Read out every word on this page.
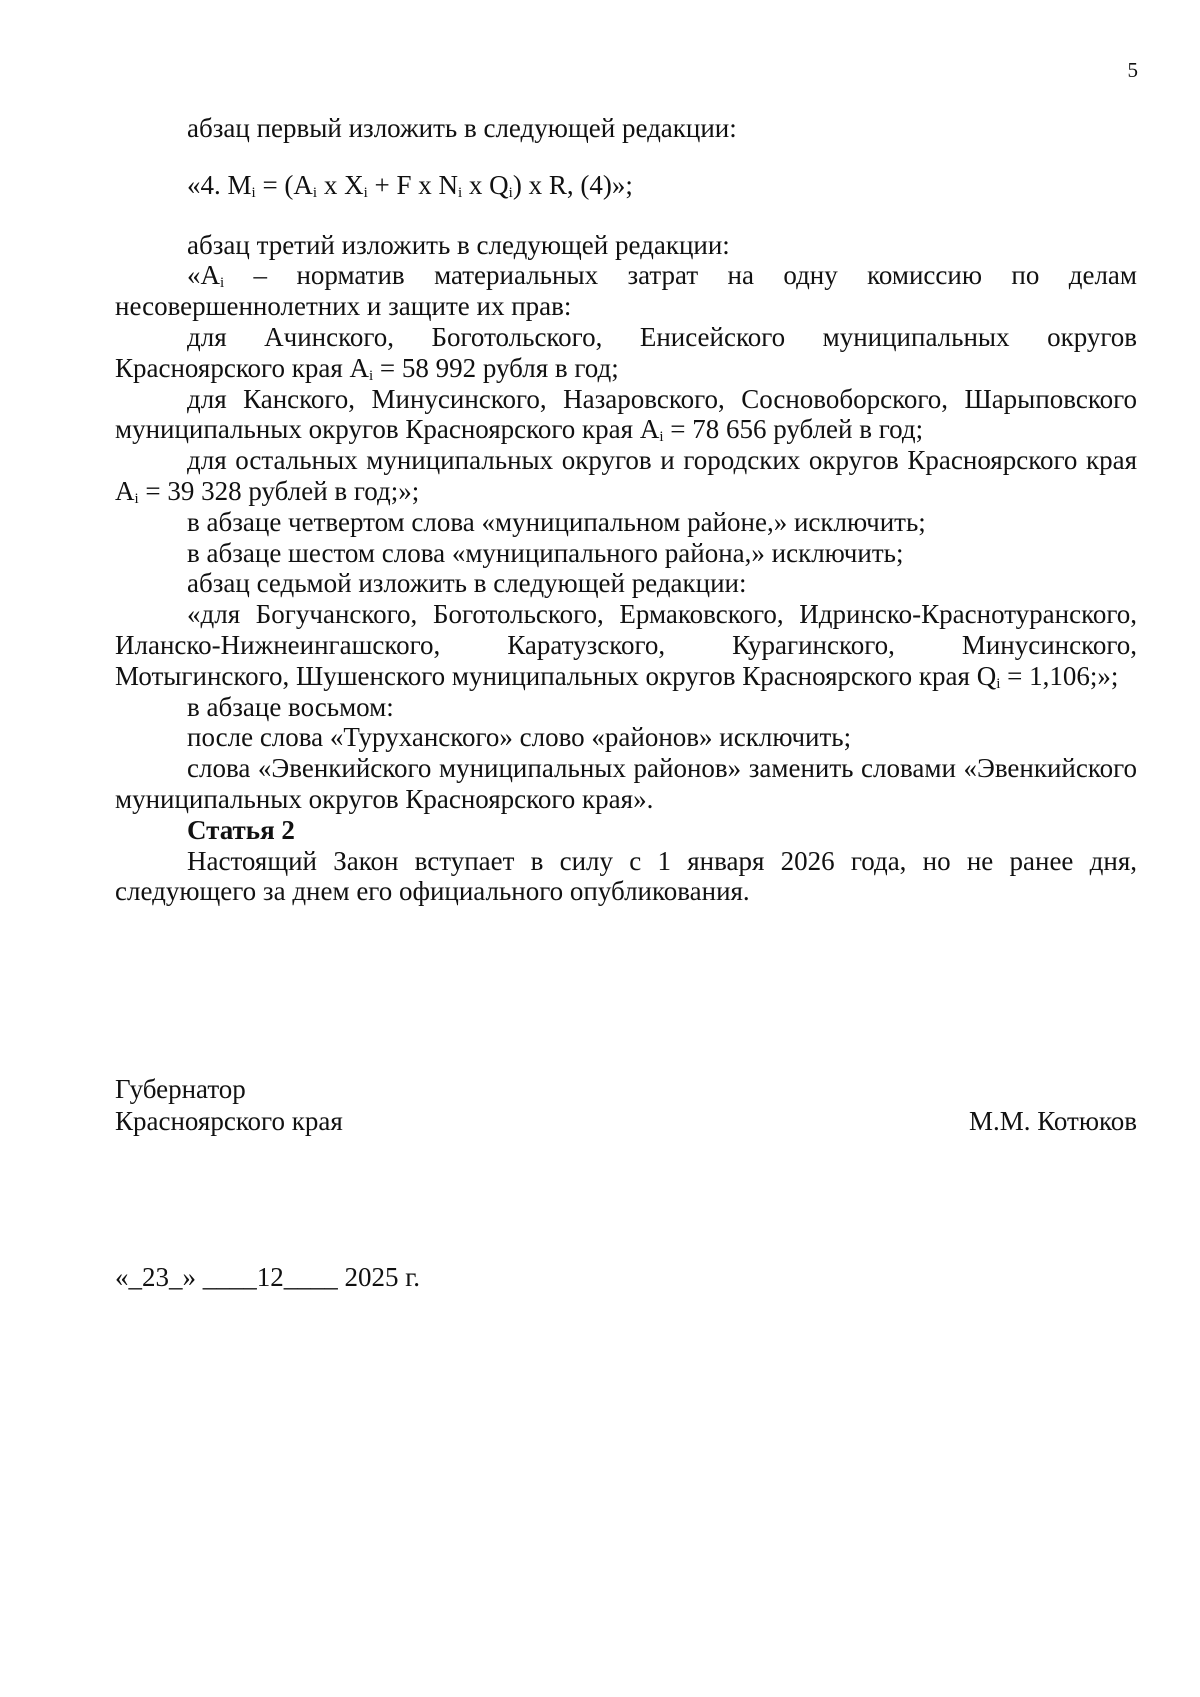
5

абзац первый изложить в следующей редакции:

«4. $M_i = (A_i$ x $X_i + F$ x $N_i$ x $Q_i$) x R, (4)»;

абзац третий изложить в следующей редакции:

«$A_i$ – норматив материальных затрат на одну комиссию по делам несовершеннолетних и защите их прав:

для Ачинского, Боготольского, Енисейского муниципальных округов Красноярского края $A_i = 58$ 992 рубля в год;

для Канского, Минусинского, Назаровского, Сосновоборского, Шарыповского муниципальных округов Красноярского края $A_i = 78$ 656 рублей в год;

для остальных муниципальных округов и городских округов Красноярского края $A_i = 39$ 328 рублей в год;»;

в абзаце четвертом слова «муниципальном районе,» исключить;

в абзаце шестом слова «муниципального района,» исключить;

абзац седьмой изложить в следующей редакции:

«для Богучанского, Боготольского, Ермаковского, Идринско-Краснотуранского, Иланско-Нижнеингашского, Каратузского, Курагинского, Минусинского, Мотыгинского, Шушенского муниципальных округов Красноярского края $Q_i = 1,106$;»;

в абзаце восьмом:

после слова «Туруханского» слово «районов» исключить;

слова «Эвенкийского муниципальных районов» заменить словами «Эвенкийского муниципальных округов Красноярского края».

Статья 2

Настоящий Закон вступает в силу с 1 января 2026 года, но не ранее дня, следующего за днем его официального опубликования.

Губернатор
Красноярского края	М.М. Котюков
«_23_» ____12____ 2025 г.
